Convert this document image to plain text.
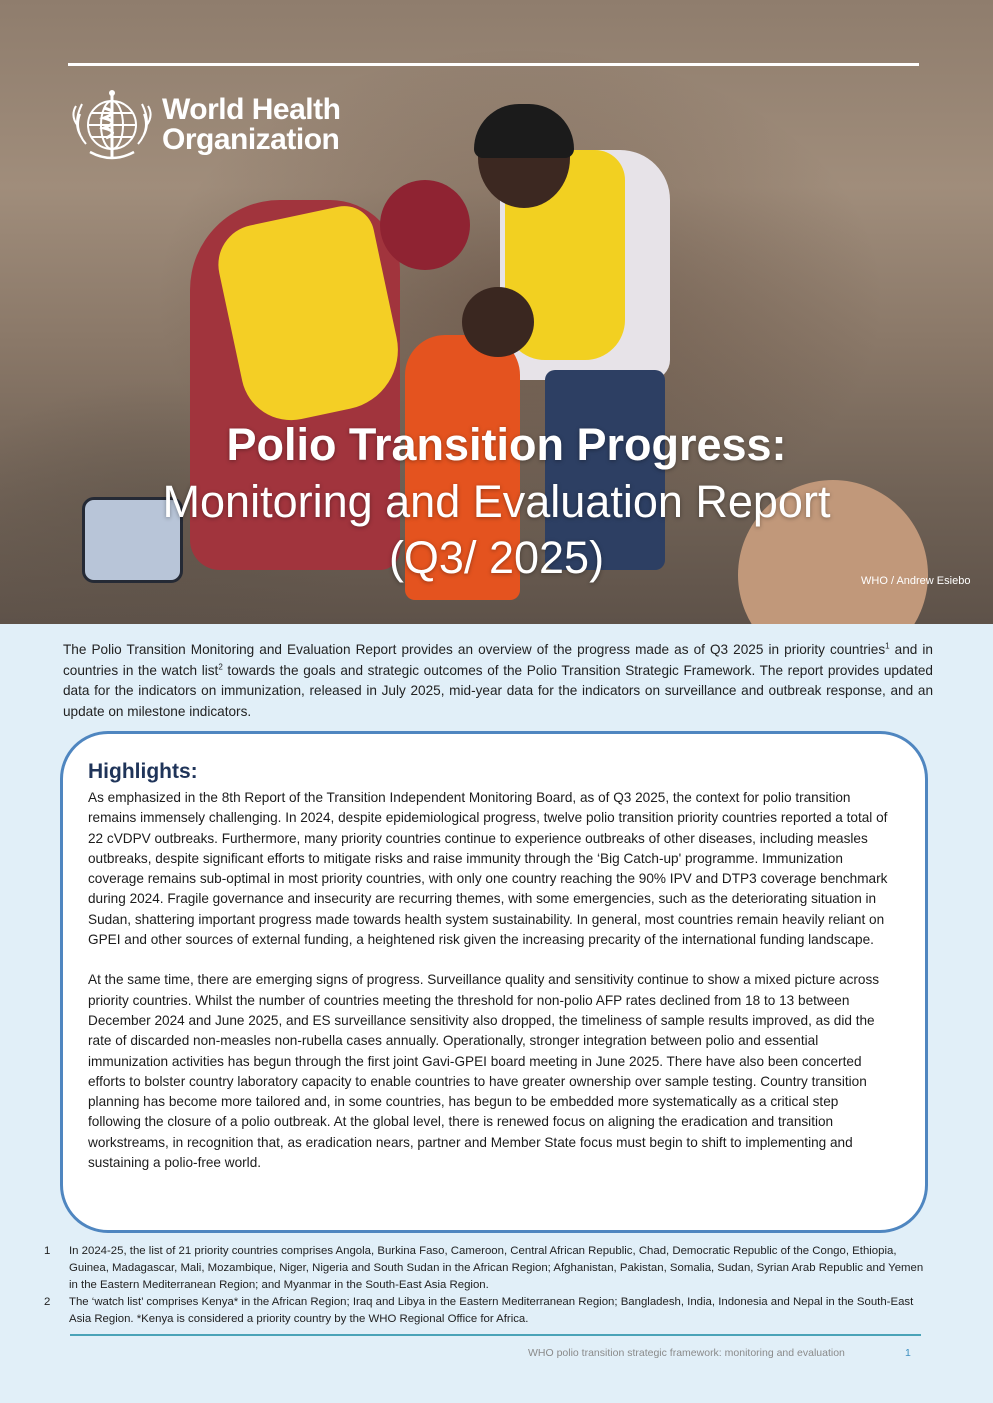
World Health
Organization
Polio Transition Progress:
Monitoring and Evaluation Report
(Q3/ 2025)	WHO / Andrew Esiebo
The Polio Transition Monitoring and Evaluation Report provides an overview of the progress made as of Q3 2025 in priority countries$^1$ and in countries in the watch list$^2$ towards the goals and strategic outcomes of the Polio Transition Strategic Framework. The report provides updated data for the indicators on immunization, released in July 2025, mid-year data for the indicators on surveillance and outbreak response, and an update on milestone indicators.
Highlights:

As emphasized in the 8th Report of the Transition Independent Monitoring Board, as of Q3 2025, the context for polio transition remains immensely challenging. In 2024, despite epidemiological progress, twelve polio transition priority countries reported a total of 22 cVDPV outbreaks. Furthermore, many priority countries continue to experience outbreaks of other diseases, including measles outbreaks, despite significant efforts to mitigate risks and raise immunity through the ‘Big Catch-up' programme. Immunization coverage remains sub-optimal in most priority countries, with only one country reaching the 90% IPV and DTP3 coverage benchmark during 2024. Fragile governance and insecurity are recurring themes, with some emergencies, such as the deteriorating situation in Sudan, shattering important progress made towards health system sustainability. In general, most countries remain heavily reliant on GPEI and other sources of external funding, a heightened risk given the increasing precarity of the international funding landscape.

At the same time, there are emerging signs of progress. Surveillance quality and sensitivity continue to show a mixed picture across priority countries. Whilst the number of countries meeting the threshold for non-polio AFP rates declined from 18 to 13 between December 2024 and June 2025, and ES surveillance sensitivity also dropped, the timeliness of sample results improved, as did the rate of discarded non-measles non-rubella cases annually. Operationally, stronger integration between polio and essential immunization activities has begun through the first joint Gavi-GPEI board meeting in June 2025. There have also been concerted efforts to bolster country laboratory capacity to enable countries to have greater ownership over sample testing. Country transition planning has become more tailored and, in some countries, has begun to be embedded more systematically as a critical step following the closure of a polio outbreak. At the global level, there is renewed focus on aligning the eradication and transition workstreams, in recognition that, as eradication nears, partner and Member State focus must begin to shift to implementing and sustaining a polio-free world.

1	In 2024-25, the list of 21 priority countries comprises Angola, Burkina Faso, Cameroon, Central African Republic, Chad, Democratic Republic of the Congo, Ethiopia, Guinea, Madagascar, Mali, Mozambique, Niger, Nigeria and South Sudan in the African Region; Afghanistan, Pakistan, Somalia, Sudan, Syrian Arab Republic and Yemen in the Eastern Mediterranean Region; and Myanmar in the South-East Asia Region.
2	The ‘watch list’ comprises Kenya* in the African Region; Iraq and Libya in the Eastern Mediterranean Region; Bangladesh, India, Indonesia and Nepal in the South-East Asia Region. *Kenya is considered a priority country by the WHO Regional Office for Africa.
WHO polio transition strategic framework: monitoring and evaluation	1
